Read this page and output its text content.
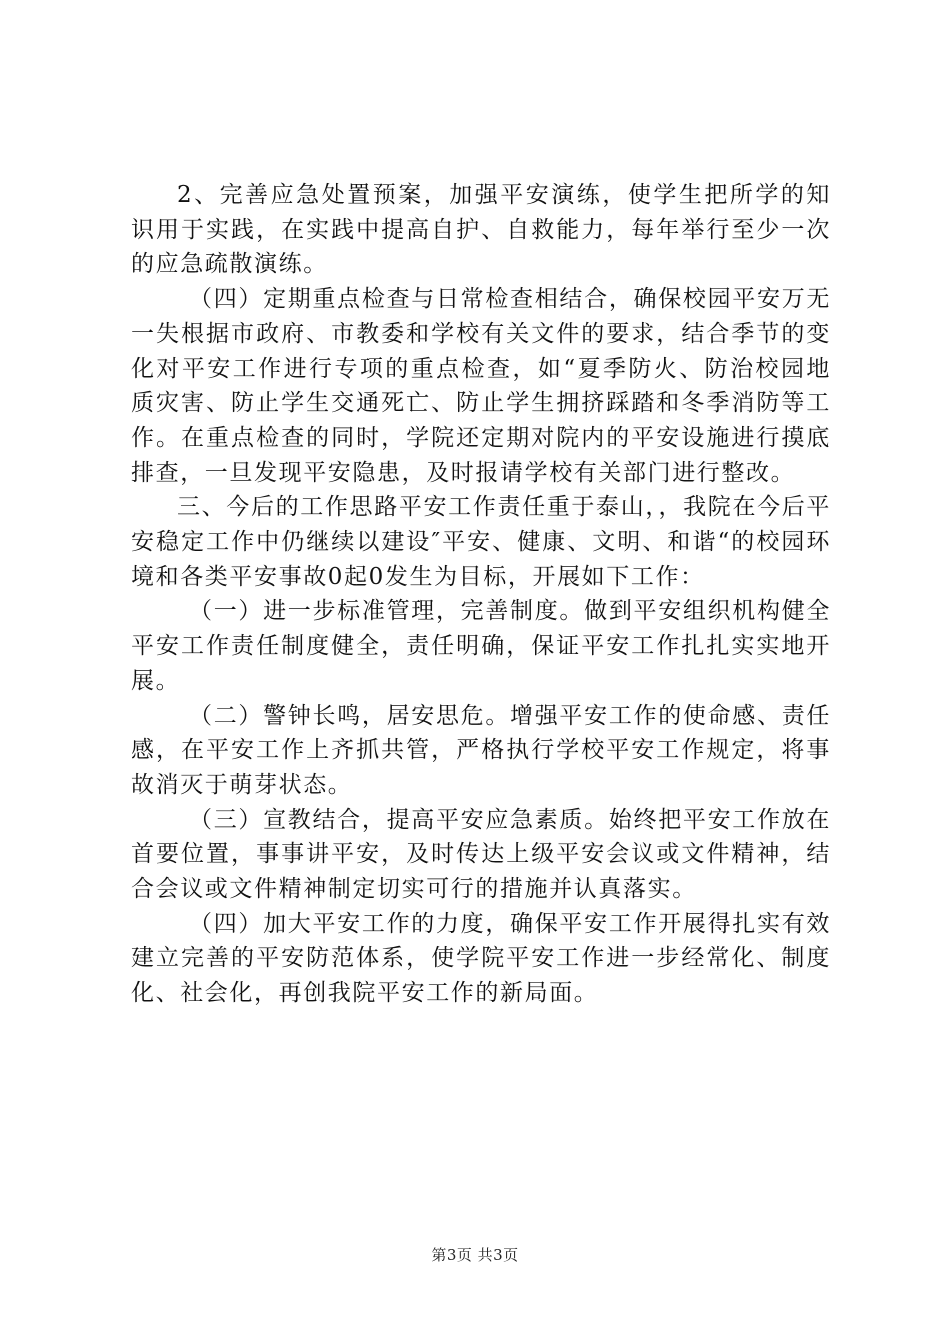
2、完善应急处置预案，加强平安演练，使学生把所学的知识用于实践，在实践中提高自护、自救能力，每年举行至少一次的应急疏散演练。

（四）定期重点检查与日常检查相结合，确保校园平安万无一失根据市政府、市教委和学校有关文件的要求，结合季节的变化对平安工作进行专项的重点检查，如“夏季防火、防治校园地质灾害、防止学生交通死亡、防止学生拥挤踩踏和冬季消防等工作。在重点检查的同时，学院还定期对院内的平安设施进行摸底排查，一旦发现平安隐患，及时报请学校有关部门进行整改。

三、今后的工作思路平安工作责任重于泰山，，我院在今后平安稳定工作中仍继续以建设″平安、健康、文明、和谐“的校园环境和各类平安事故0起0发生为目标，开展如下工作：

（一）进一步标准管理，完善制度。做到平安组织机构健全平安工作责任制度健全，责任明确，保证平安工作扎扎实实地开展。

（二）警钟长鸣，居安思危。增强平安工作的使命感、责任感，在平安工作上齐抓共管，严格执行学校平安工作规定，将事故消灭于萌芽状态。

（三）宣教结合，提高平安应急素质。始终把平安工作放在首要位置，事事讲平安，及时传达上级平安会议或文件精神，结合会议或文件精神制定切实可行的措施并认真落实。

（四）加大平安工作的力度，确保平安工作开展得扎实有效建立完善的平安防范体系，使学院平安工作进一步经常化、制度化、社会化，再创我院平安工作的新局面。

第3页 共3页
